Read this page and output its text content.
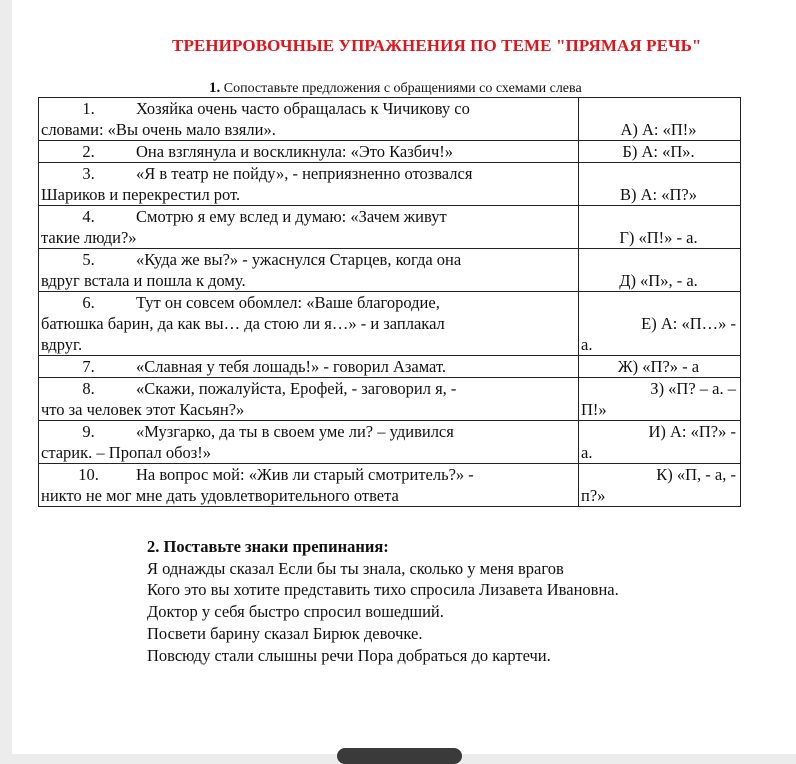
ТРЕНИРОВОЧНЫЕ УПРАЖНЕНИЯ ПО ТЕМЕ "ПРЯМАЯ РЕЧЬ"
1. Сопоставьте предложения с обращениями со схемами слева
1. Хозяйка очень часто обращалась к Чичикову со
словами: «Вы очень мало взяли».	А) А: «П!»

2. Она взглянула и воскликнула: «Это Казбич!»	Б) А: «П».

3. «Я в театр не пойду», - неприязненно отозвался
Шариков и перекрестил рот.	В) А: «П?»

4. Смотрю я ему вслед и думаю: «Зачем живут
такие люди?»	Г) «П!» - а.

5. «Куда же вы?» - ужаснулся Старцев, когда она
вдруг встала и пошла к дому.	Д) «П», - а.

6. Тут он совсем обомлел: «Ваше благородие,
батюшка барин, да как вы… да стою ли я…» - и заплакал
вдруг.	Е) А: «П…» -
а.

7. «Славная у тебя лошадь!» - говорил Азамат.	Ж) «П?» - а

8. «Скажи, пожалуйста, Ерофей, - заговорил я, -
что за человек этот Касьян?»	З) «П? – а. –
П!»

9. «Музгарко, да ты в своем уме ли? – удивился
старик. – Пропал обоз!»	И) А: «П?» -
а.

10. На вопрос мой: «Жив ли старый смотритель?» -
никто не мог мне дать удовлетворительного ответа	К) «П, - а, -
п?»
2. Поставьте знаки препинания:
Я однажды сказал Если бы ты знала, сколько у меня врагов
Кого это вы хотите представить тихо спросила Лизавета Ивановна.
Доктор у себя быстро спросил вошедший.
Посвети барину сказал Бирюк девочке.
Повсюду стали слышны речи Пора добраться до картечи.
